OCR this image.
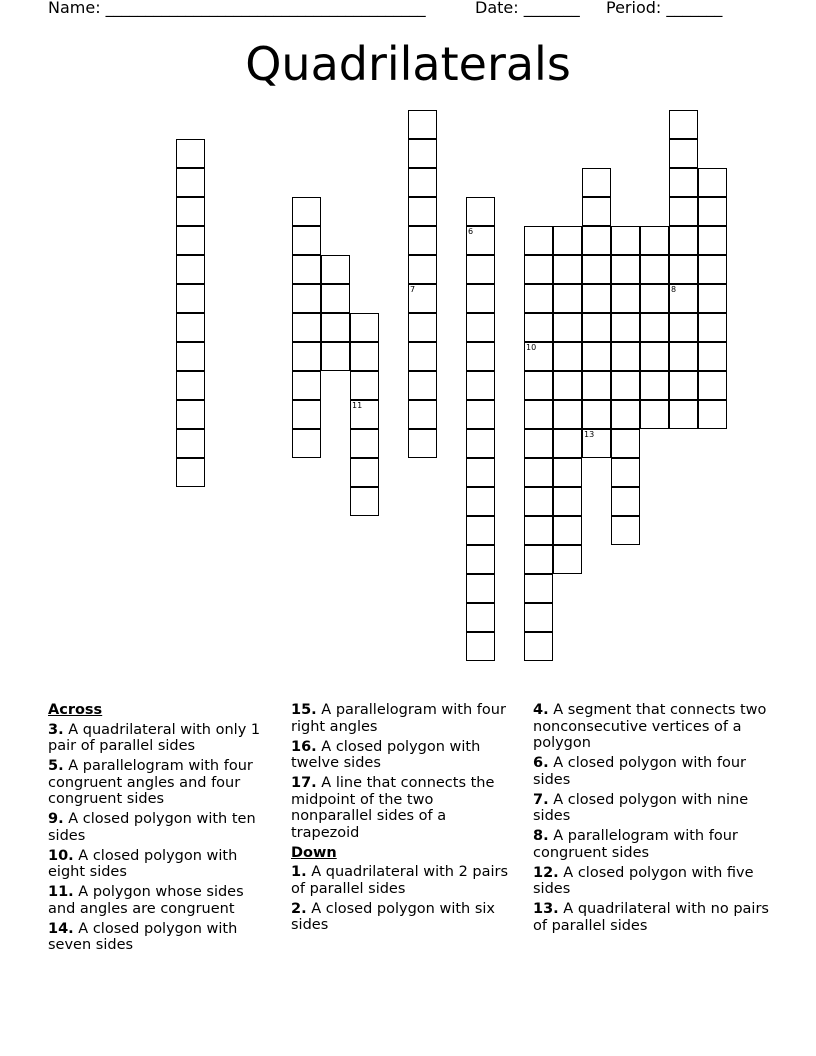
Name: ________________________________________	Date: _______ Period: _______
Quadrilaterals
10
13
6
7
11
8
Across
3. A quadrilateral with only 1 pair of parallel sides
5. A parallelogram with four congruent angles and four congruent sides
9. A closed polygon with ten sides
10. A closed polygon with eight sides
11. A polygon whose sides and angles are congruent
14. A closed polygon with seven sides
15. A parallelogram with four right angles
16. A closed polygon with twelve sides
17. A line that connects the midpoint of the two nonparallel sides of a trapezoid
Down
1. A quadrilateral with 2 pairs of parallel sides
2. A closed polygon with six sides
4. A segment that connects two nonconsecutive vertices of a polygon
6. A closed polygon with four sides
7. A closed polygon with nine sides
8. A parallelogram with four congruent sides
12. A closed polygon with five sides
13. A quadrilateral with no pairs of parallel sides
